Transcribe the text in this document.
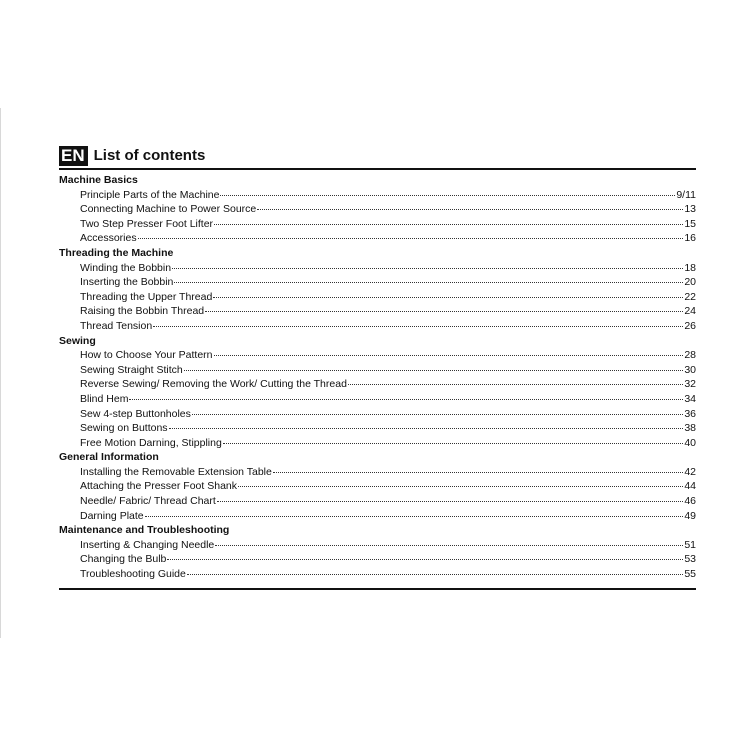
EN List of contents
Machine Basics
Principle Parts of the Machine	9/11
Connecting Machine to Power Source	13
Two Step Presser Foot Lifter	15
Accessories	16
Threading the Machine
Winding the Bobbin	18
Inserting the Bobbin	20
Threading the Upper Thread	22
Raising the Bobbin Thread	24
Thread Tension	26
Sewing
How to Choose Your Pattern	28
Sewing Straight Stitch	30
Reverse Sewing/ Removing the Work/ Cutting the Thread	32
Blind Hem	34
Sew 4-step Buttonholes	36
Sewing on Buttons	38
Free Motion Darning, Stippling	40
General Information
Installing the Removable Extension Table	42
Attaching the Presser Foot Shank	44
Needle/ Fabric/ Thread Chart	46
Darning Plate	49
Maintenance and Troubleshooting
Inserting & Changing Needle	51
Changing the Bulb	53
Troubleshooting Guide	55
